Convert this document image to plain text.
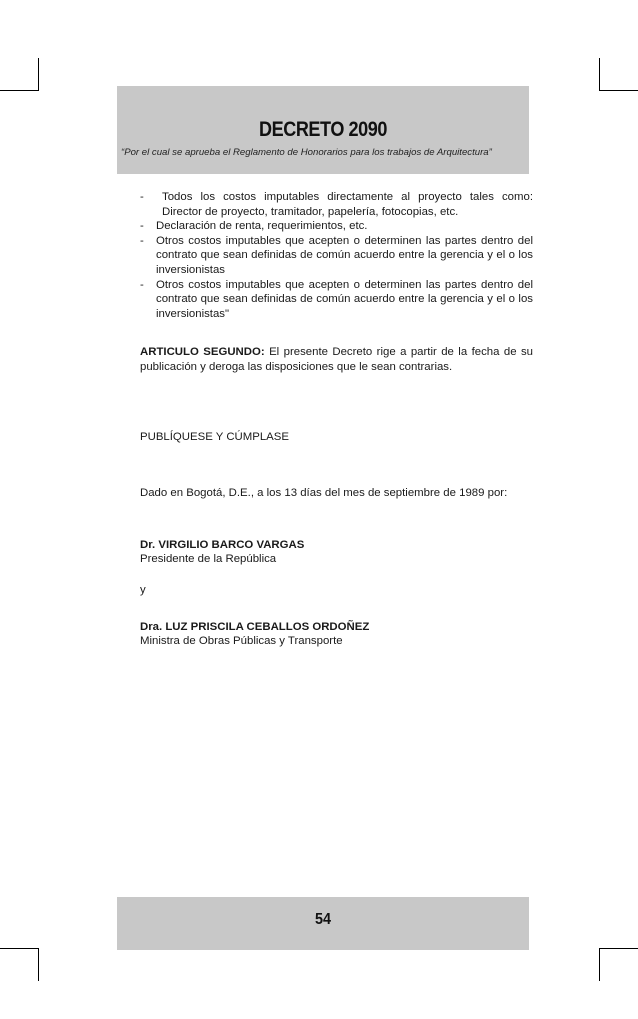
DECRETO 2090
“Por el cual se aprueba el Reglamento de Honorarios para los trabajos de Arquitectura”
-	Todos los costos imputables directamente al proyecto tales como: Director de proyecto, tramitador, papelería, fotocopias, etc.
- Declaración de renta, requerimientos, etc.
- Otros costos imputables que acepten o determinen las partes dentro del contrato que sean definidas de común acuerdo entre la gerencia y el o los inversionistas
- Otros costos imputables que acepten o determinen las partes dentro del contrato que sean definidas de común acuerdo entre la gerencia y el o los inversionistas"
ARTICULO SEGUNDO: El presente Decreto rige a partir de la fecha de su publicación y deroga las disposiciones que le sean contrarias.
PUBLÍQUESE Y CÚMPLASE
Dado en Bogotá, D.E., a los 13 días del mes de septiembre de 1989 por:
Dr. VIRGILIO BARCO VARGAS
Presidente de la República
y
Dra. LUZ PRISCILA CEBALLOS ORDOÑEZ
Ministra de Obras Públicas y Transporte
54
